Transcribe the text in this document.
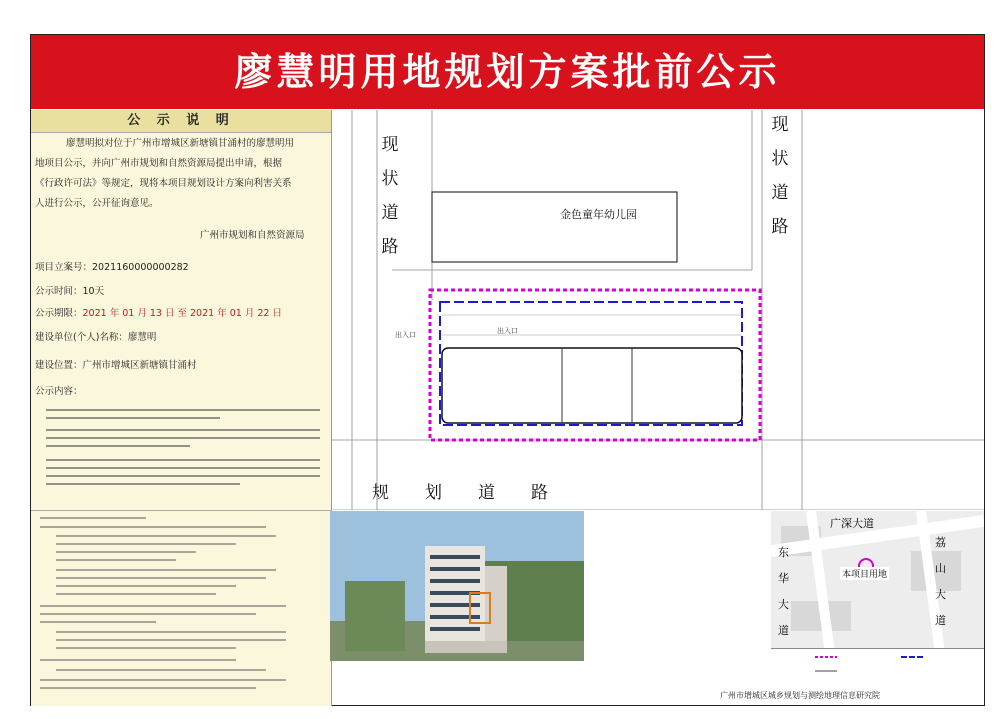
廖慧明用地规划方案批前公示
公 示 说 明
廖慧明拟对位于广州市增城区新塘镇甘涌村的廖慧明用
地项目公示，并向广州市规划和自然资源局提出申请，根据
《行政许可法》等规定，现将本项目规划设计方案向利害关系
人进行公示，公开征询意见。
广州市规划和自然资源局
项目立案号：2021160000000282
公示时间：10天
公示期限：2021 年 01 月 13 日 至 2021 年 01 月 22 日
建设单位(个人)名称：廖慧明
建设位置：广州市增城区新塘镇甘涌村
公示内容：
现状道路
现状道路
规划道路
金色童年幼儿园
出入口	出入口
广深大道
东华大道
荔山大道
本项目用地
广州市增城区城乡规划与测绘地理信息研究院
